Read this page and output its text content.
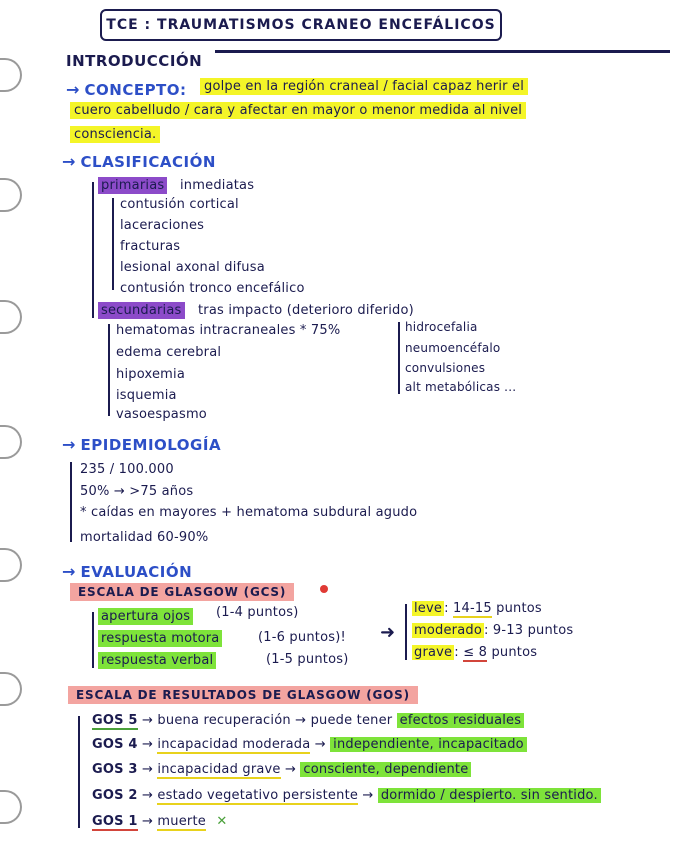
TCE : TRAUMATISMOS CRANEO ENCEFÁLICOS
INTRODUCCIÓN
→ CONCEPTO:	golpe en la región craneal / facial capaz herir el
cuero cabelludo / cara y afectar en mayor o menor medida al nivel
consciencia.
→ CLASIFICACIÓN
primarias inmediatas
contusión cortical
laceraciones
fracturas
lesional axonal difusa
contusión tronco encefálico
secundarias tras impacto (deterioro diferido)
hematomas intracraneales * 75%
edema cerebral
hipoxemia
isquemia
vasoespasmo
hidrocefalia
neumoencéfalo
convulsiones
alt metabólicas ...
→ EPIDEMIOLOGÍA
235 / 100.000
50% → >75 años
* caídas en mayores + hematoma subdural agudo
mortalidad 60-90%
→ EVALUACIÓN
ESCALA DE GLASGOW (GCS)
apertura ojos (1-4 puntos)
respuesta motora	(1-6 puntos)!
respuesta verbal	(1-5 puntos)
➜
leve : 14-15 puntos
moderado : 9-13 puntos
grave : ≤ 8 puntos
ESCALA DE RESULTADOS DE GLASGOW (GOS)
GOS 5 → buena recuperación → puede tener efectos residuales
GOS 4 → incapacidad moderada → independiente, incapacitado
GOS 3 → incapacidad grave → consciente, dependiente
GOS 2 → estado vegetativo persistente → dormido / despierto. sin sentido.
GOS 1 → muerte ✕
